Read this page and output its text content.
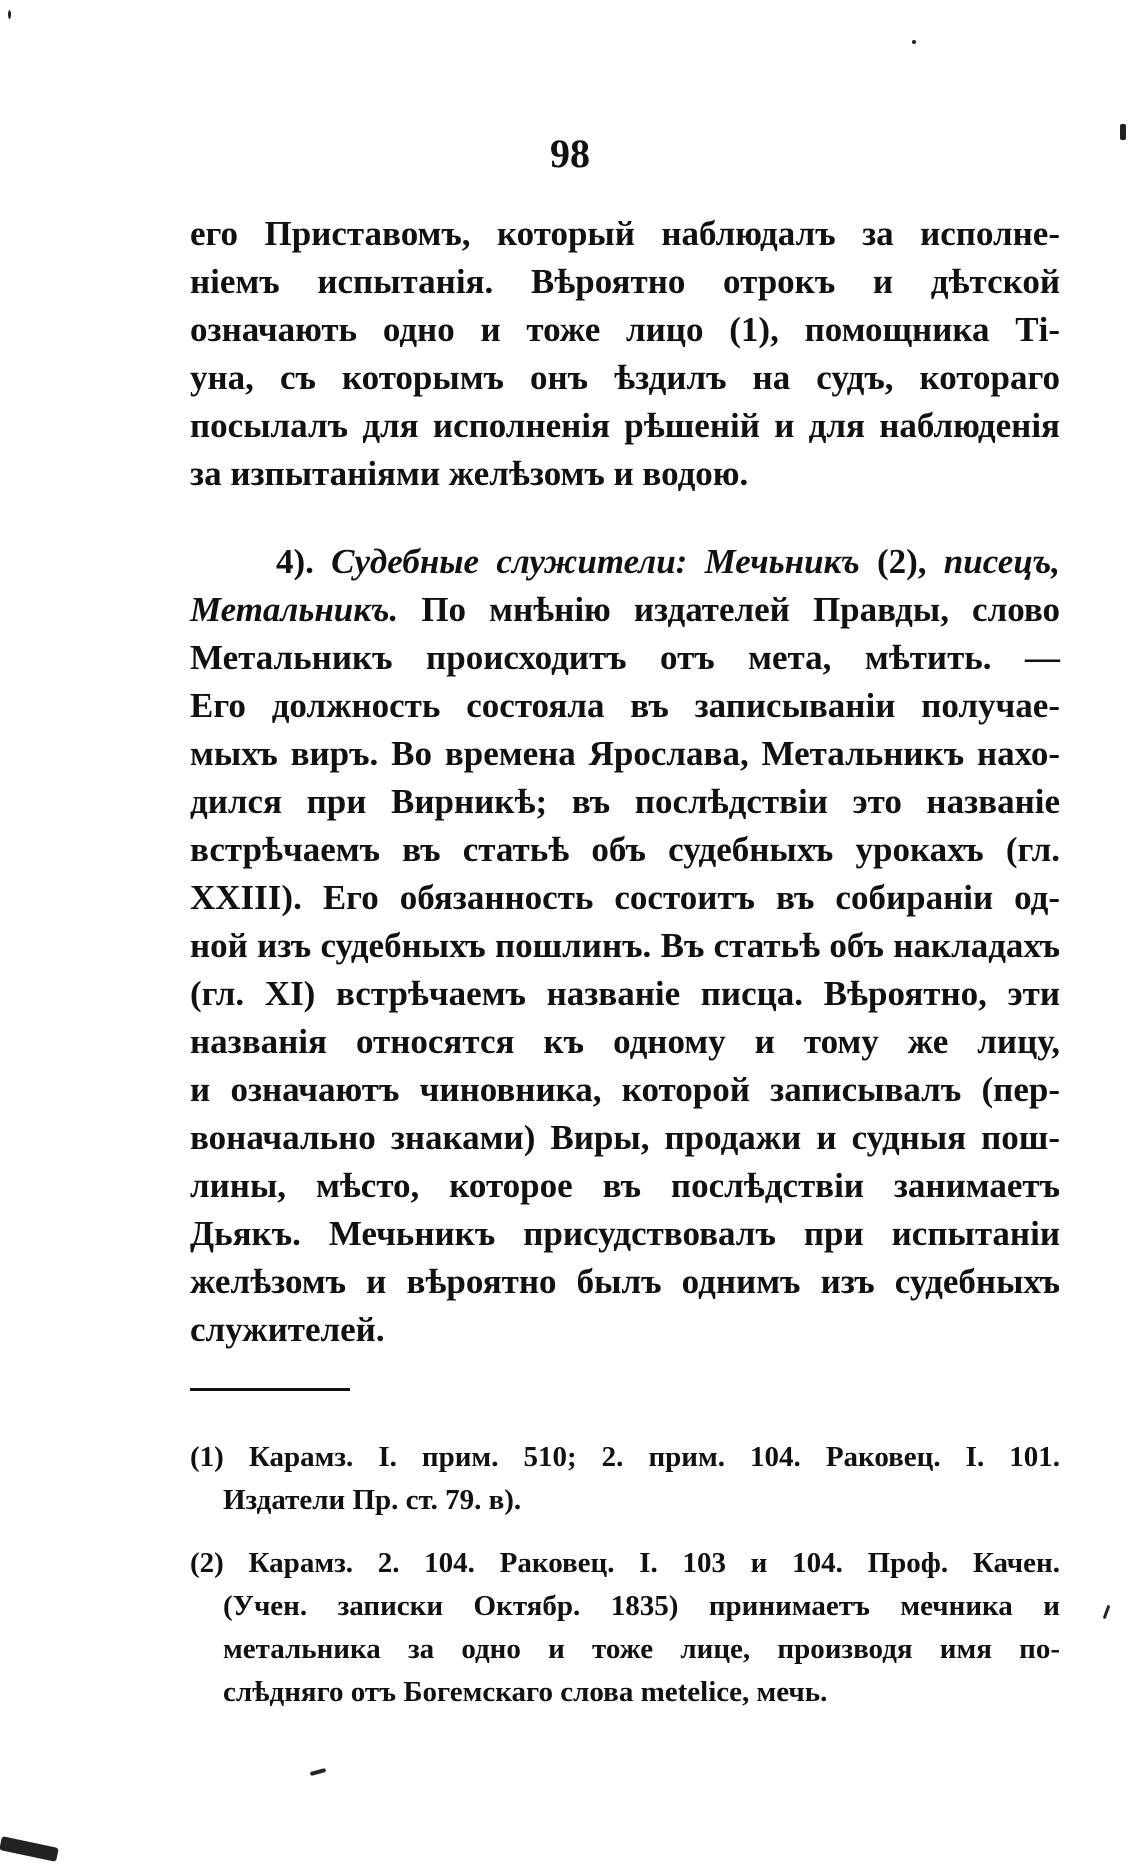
98
его Приставомъ, который наблюдалъ за исполне-
ніемъ испытанія. Вѣроятно отрокъ и дѣтской
означають одно и тоже лицо (1), помощника Ті-
уна, съ которымъ онъ ѣздилъ на судъ, котораго
посылалъ для исполненія рѣшеній и для наблюденія
за изпытаніями желѣзомъ и водою.
4). Судебные служители: Мечьникъ (2), писецъ,
Метальникъ. По мнѣнію издателей Правды, слово
Метальникъ происходитъ отъ мета, мѣтить. —
Его должность состояла въ записываніи получае-
мыхъ виръ. Во времена Ярослава, Метальникъ нахо-
дился при Вирникѣ; въ послѣдствіи это названіе
встрѣчаемъ въ статьѣ объ судебныхъ урокахъ (гл.
XXIII). Его обязанность состоитъ въ собираніи од-
ной изъ судебныхъ пошлинъ. Въ статьѣ объ накладахъ
(гл. XI) встрѣчаемъ названіе писца. Вѣроятно, эти
названія относятся къ одному и тому же лицу,
и означаютъ чиновника, которой записывалъ (пер-
воначально знаками) Виры, продажи и судныя пош-
лины, мѣсто, которое въ послѣдствіи занимаетъ
Дьякъ. Мечьникъ присудствовалъ при испытаніи
желѣзомъ и вѣроятно былъ однимъ изъ судебныхъ
служителей.
(1) Карамз. I. прим. 510; 2. прим. 104. Раковец. I. 101.
Издатели Пр. ст. 79. в).
(2) Карамз. 2. 104. Раковец. I. 103 и 104. Проф. Качен.
(Учен. записки Октябр. 1835) принимаетъ мечника и
метальника за одно и тоже лице, производя имя по-
слѣдняго отъ Богемскаго слова metelice, мечь.
